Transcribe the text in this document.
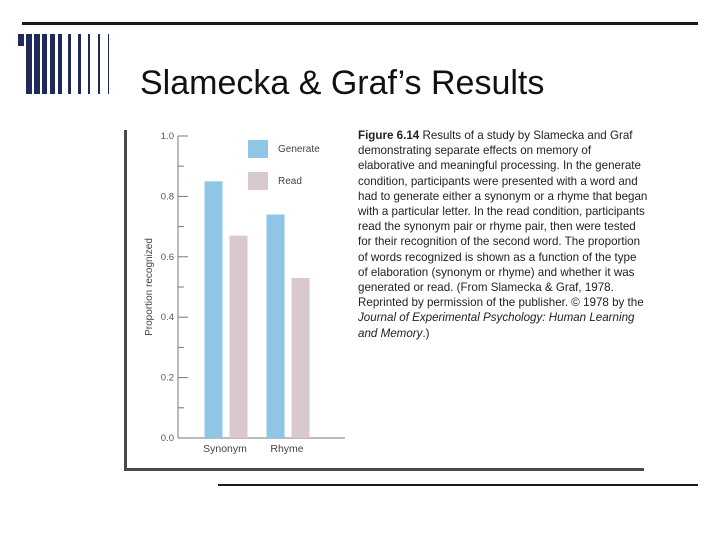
Slamecka & Graf’s Results
0.0
0.2
0.4
0.6
0.8
1.0
Generate
Read
Synonym Rhyme
Proportion recognized
Figure 6.14 Results of a study by Slamecka and Graf demonstrating separate effects on memory of elaborative and meaningful processing. In the generate condition, participants were presented with a word and had to generate either a synonym or a rhyme that began with a particular letter. In the read condition, participants read the synonym pair or rhyme pair, then were tested for their recognition of the second word. The proportion of words recognized is shown as a function of the type of elaboration (synonym or rhyme) and whether it was generated or read. (From Slamecka & Graf, 1978. Reprinted by permission of the publisher. © 1978 by the Journal of Experimental Psychology: Human Learning and Memory.)
